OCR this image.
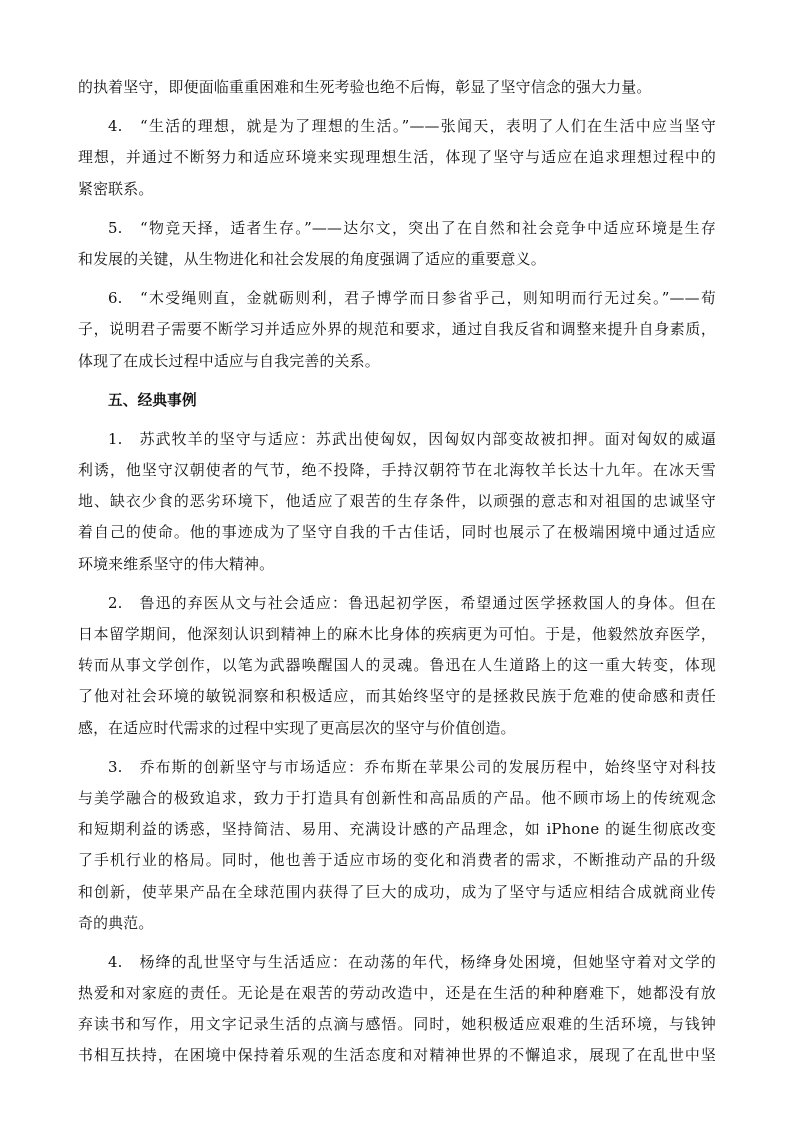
的执着坚守，即便面临重重困难和生死考验也绝不后悔，彰显了坚守信念的强大力量。
4.　“生活的理想，就是为了理想的生活。”——张闻天，表明了人们在生活中应当坚守
理想，并通过不断努力和适应环境来实现理想生活，体现了坚守与适应在追求理想过程中的
紧密联系。
5.　“物竞天择，适者生存。”——达尔文，突出了在自然和社会竞争中适应环境是生存
和发展的关键，从生物进化和社会发展的角度强调了适应的重要意义。
6.　“木受绳则直，金就砺则利，君子博学而日参省乎己，则知明而行无过矣。”——荀
子，说明君子需要不断学习并适应外界的规范和要求，通过自我反省和调整来提升自身素质，
体现了在成长过程中适应与自我完善的关系。
五、经典事例
1.　苏武牧羊的坚守与适应：苏武出使匈奴，因匈奴内部变故被扣押。面对匈奴的威逼
利诱，他坚守汉朝使者的气节，绝不投降，手持汉朝符节在北海牧羊长达十九年。在冰天雪
地、缺衣少食的恶劣环境下，他适应了艰苦的生存条件，以顽强的意志和对祖国的忠诚坚守
着自己的使命。他的事迹成为了坚守自我的千古佳话，同时也展示了在极端困境中通过适应
环境来维系坚守的伟大精神。
2.　鲁迅的弃医从文与社会适应：鲁迅起初学医，希望通过医学拯救国人的身体。但在
日本留学期间，他深刻认识到精神上的麻木比身体的疾病更为可怕。于是，他毅然放弃医学，
转而从事文学创作，以笔为武器唤醒国人的灵魂。鲁迅在人生道路上的这一重大转变，体现
了他对社会环境的敏锐洞察和积极适应，而其始终坚守的是拯救民族于危难的使命感和责任
感，在适应时代需求的过程中实现了更高层次的坚守与价值创造。
3.　乔布斯的创新坚守与市场适应：乔布斯在苹果公司的发展历程中，始终坚守对科技
与美学融合的极致追求，致力于打造具有创新性和高品质的产品。他不顾市场上的传统观念
和短期利益的诱惑，坚持简洁、易用、充满设计感的产品理念，如 iPhone 的诞生彻底改变
了手机行业的格局。同时，他也善于适应市场的变化和消费者的需求，不断推动产品的升级
和创新，使苹果产品在全球范围内获得了巨大的成功，成为了坚守与适应相结合成就商业传
奇的典范。
4.　杨绛的乱世坚守与生活适应：在动荡的年代，杨绛身处困境，但她坚守着对文学的
热爱和对家庭的责任。无论是在艰苦的劳动改造中，还是在生活的种种磨难下，她都没有放
弃读书和写作，用文字记录生活的点滴与感悟。同时，她积极适应艰难的生活环境，与钱钟
书相互扶持，在困境中保持着乐观的生活态度和对精神世界的不懈追求，展现了在乱世中坚
